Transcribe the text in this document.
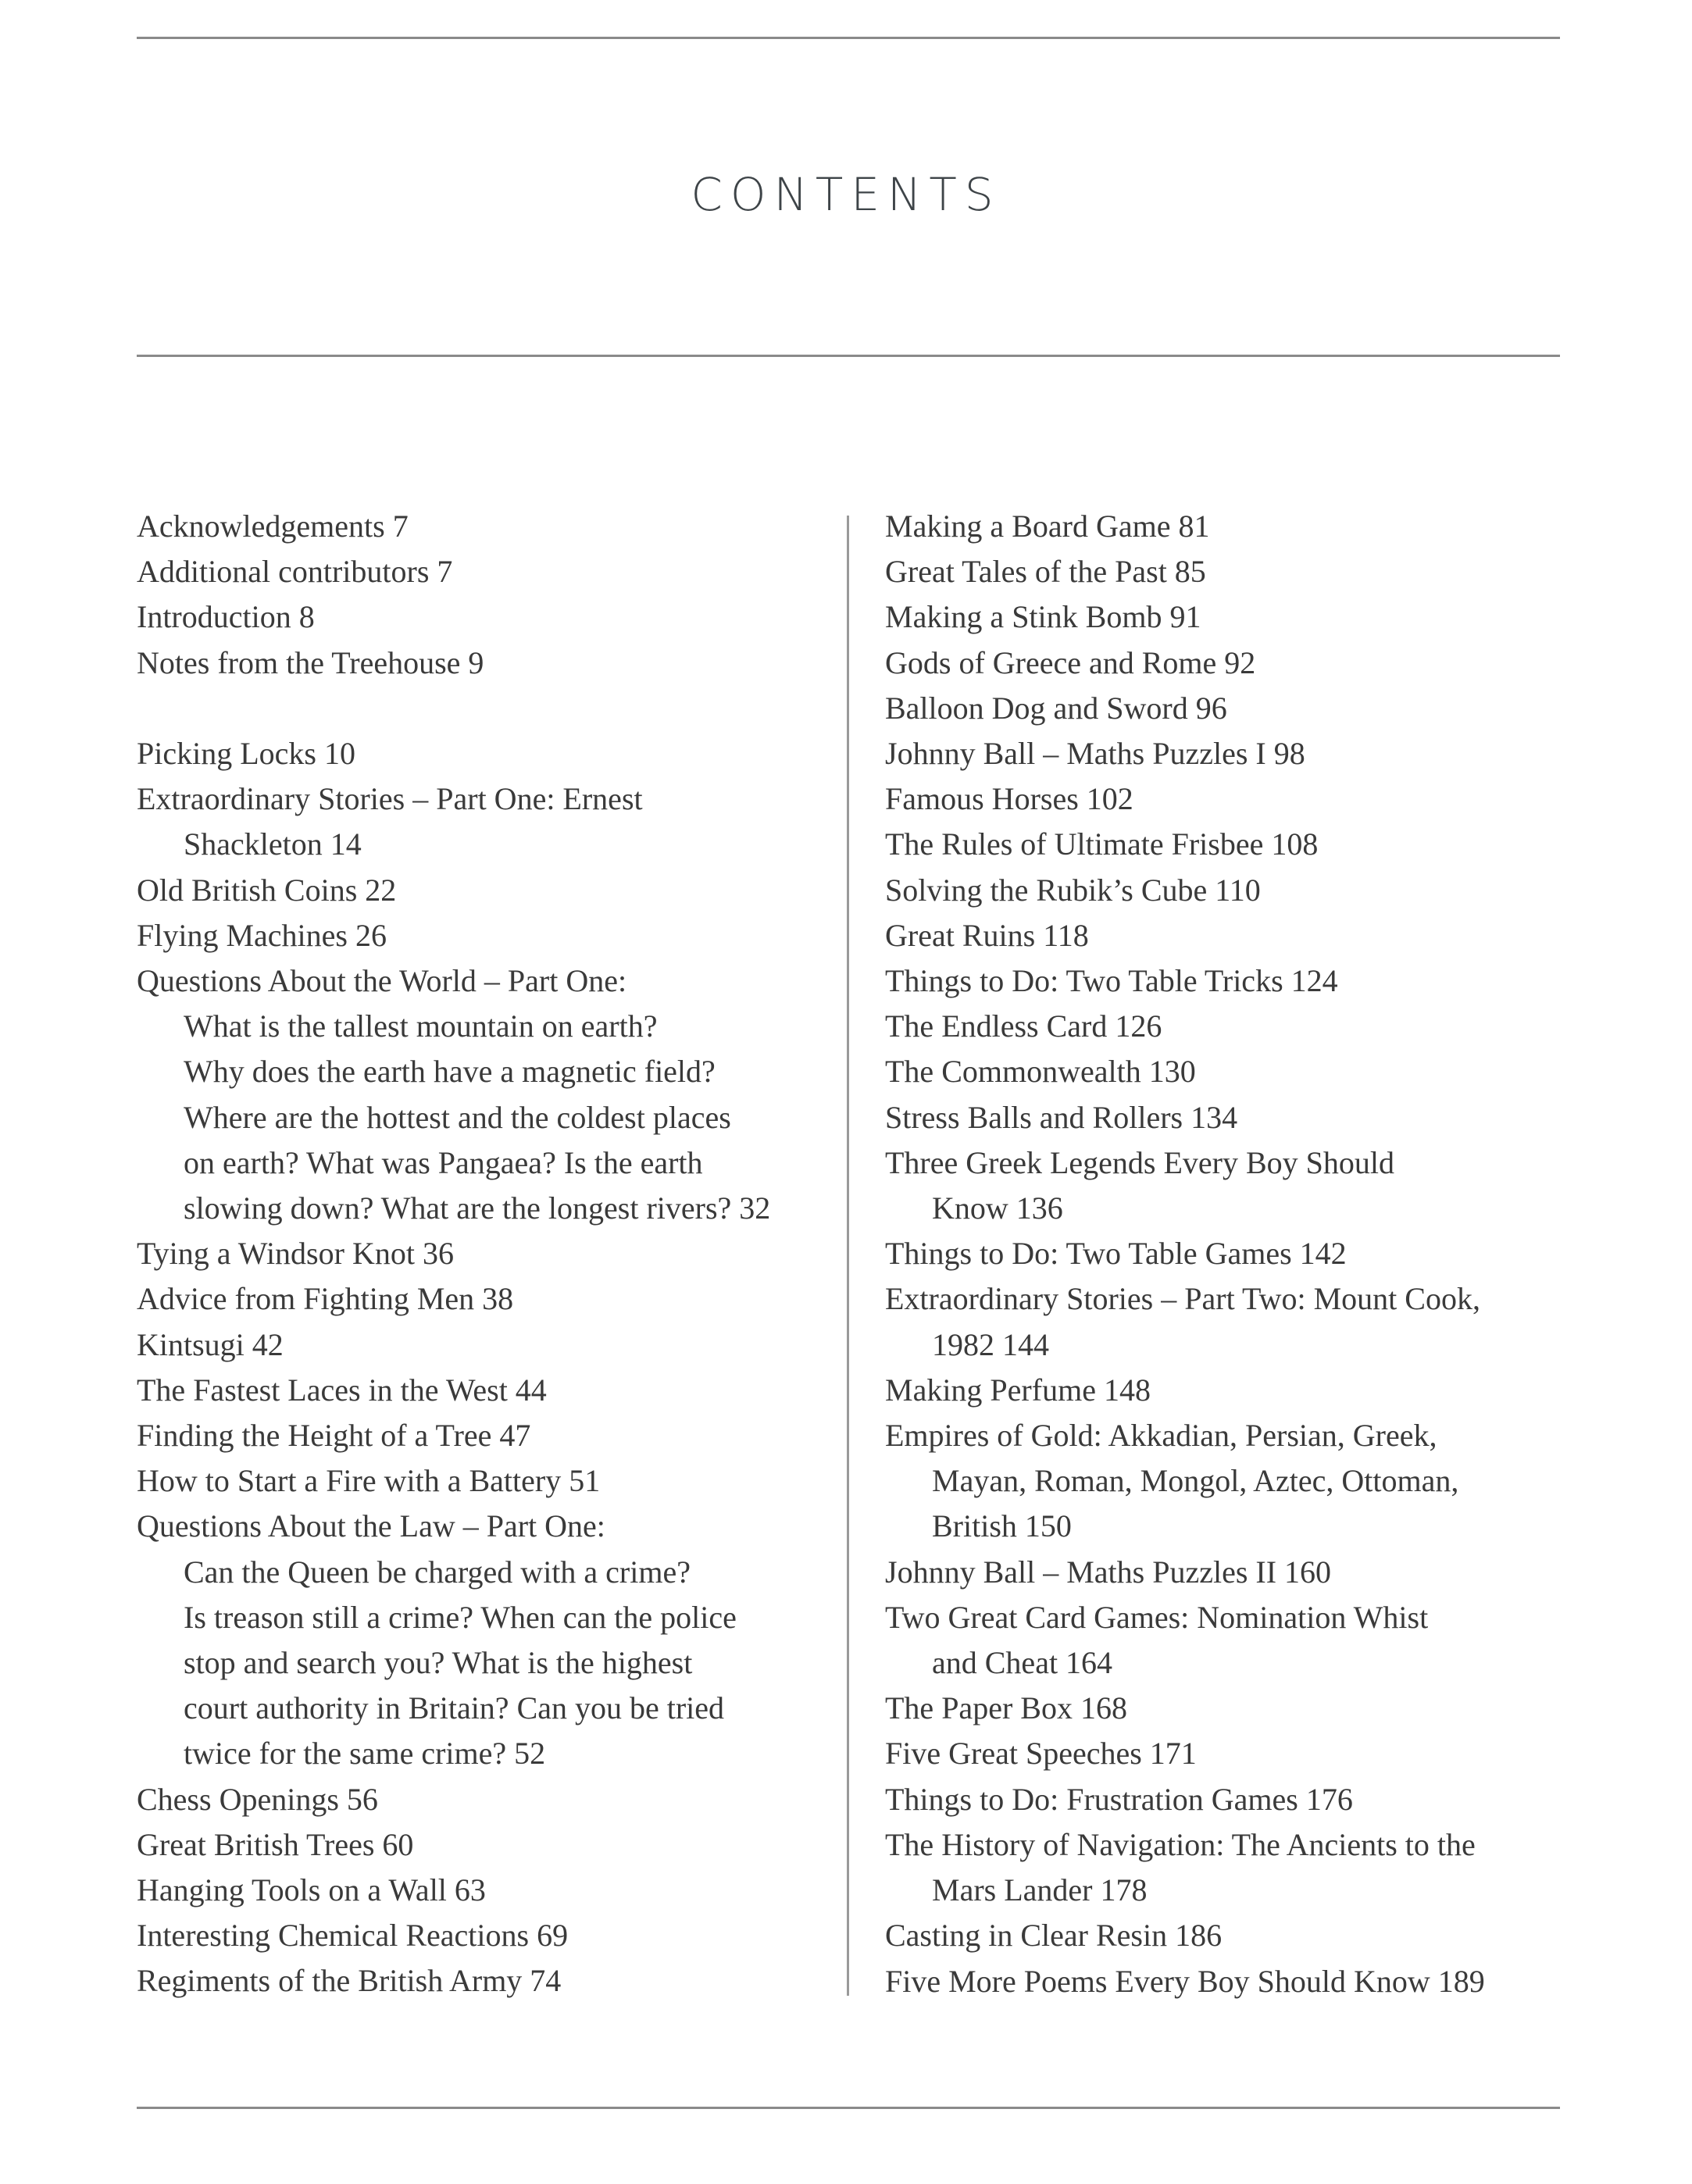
CONTENTS
Acknowledgements 7
Additional contributors 7
Introduction 8
Notes from the Treehouse 9
Picking Locks 10
Extraordinary Stories – Part One: Ernest
Shackleton 14
Old British Coins 22
Flying Machines 26
Questions About the World – Part One:
What is the tallest mountain on earth?
Why does the earth have a magnetic field?
Where are the hottest and the coldest places
on earth? What was Pangaea? Is the earth
slowing down? What are the longest rivers? 32
Tying a Windsor Knot 36
Advice from Fighting Men 38
Kintsugi 42
The Fastest Laces in the West 44
Finding the Height of a Tree 47
How to Start a Fire with a Battery 51
Questions About the Law – Part One:
Can the Queen be charged with a crime?
Is treason still a crime? When can the police
stop and search you? What is the highest
court authority in Britain? Can you be tried
twice for the same crime? 52
Chess Openings 56
Great British Trees 60
Hanging Tools on a Wall 63
Interesting Chemical Reactions 69
Regiments of the British Army 74
Making a Board Game 81
Great Tales of the Past 85
Making a Stink Bomb 91
Gods of Greece and Rome 92
Balloon Dog and Sword 96
Johnny Ball – Maths Puzzles I 98
Famous Horses 102
The Rules of Ultimate Frisbee 108
Solving the Rubik’s Cube 110
Great Ruins 118
Things to Do: Two Table Tricks 124
The Endless Card 126
The Commonwealth 130
Stress Balls and Rollers 134
Three Greek Legends Every Boy Should
Know 136
Things to Do: Two Table Games 142
Extraordinary Stories – Part Two: Mount Cook,
1982 144
Making Perfume 148
Empires of Gold: Akkadian, Persian, Greek,
Mayan, Roman, Mongol, Aztec, Ottoman,
British 150
Johnny Ball – Maths Puzzles II 160
Two Great Card Games: Nomination Whist
and Cheat 164
The Paper Box 168
Five Great Speeches 171
Things to Do: Frustration Games 176
The History of Navigation: The Ancients to the
Mars Lander 178
Casting in Clear Resin 186
Five More Poems Every Boy Should Know 189
